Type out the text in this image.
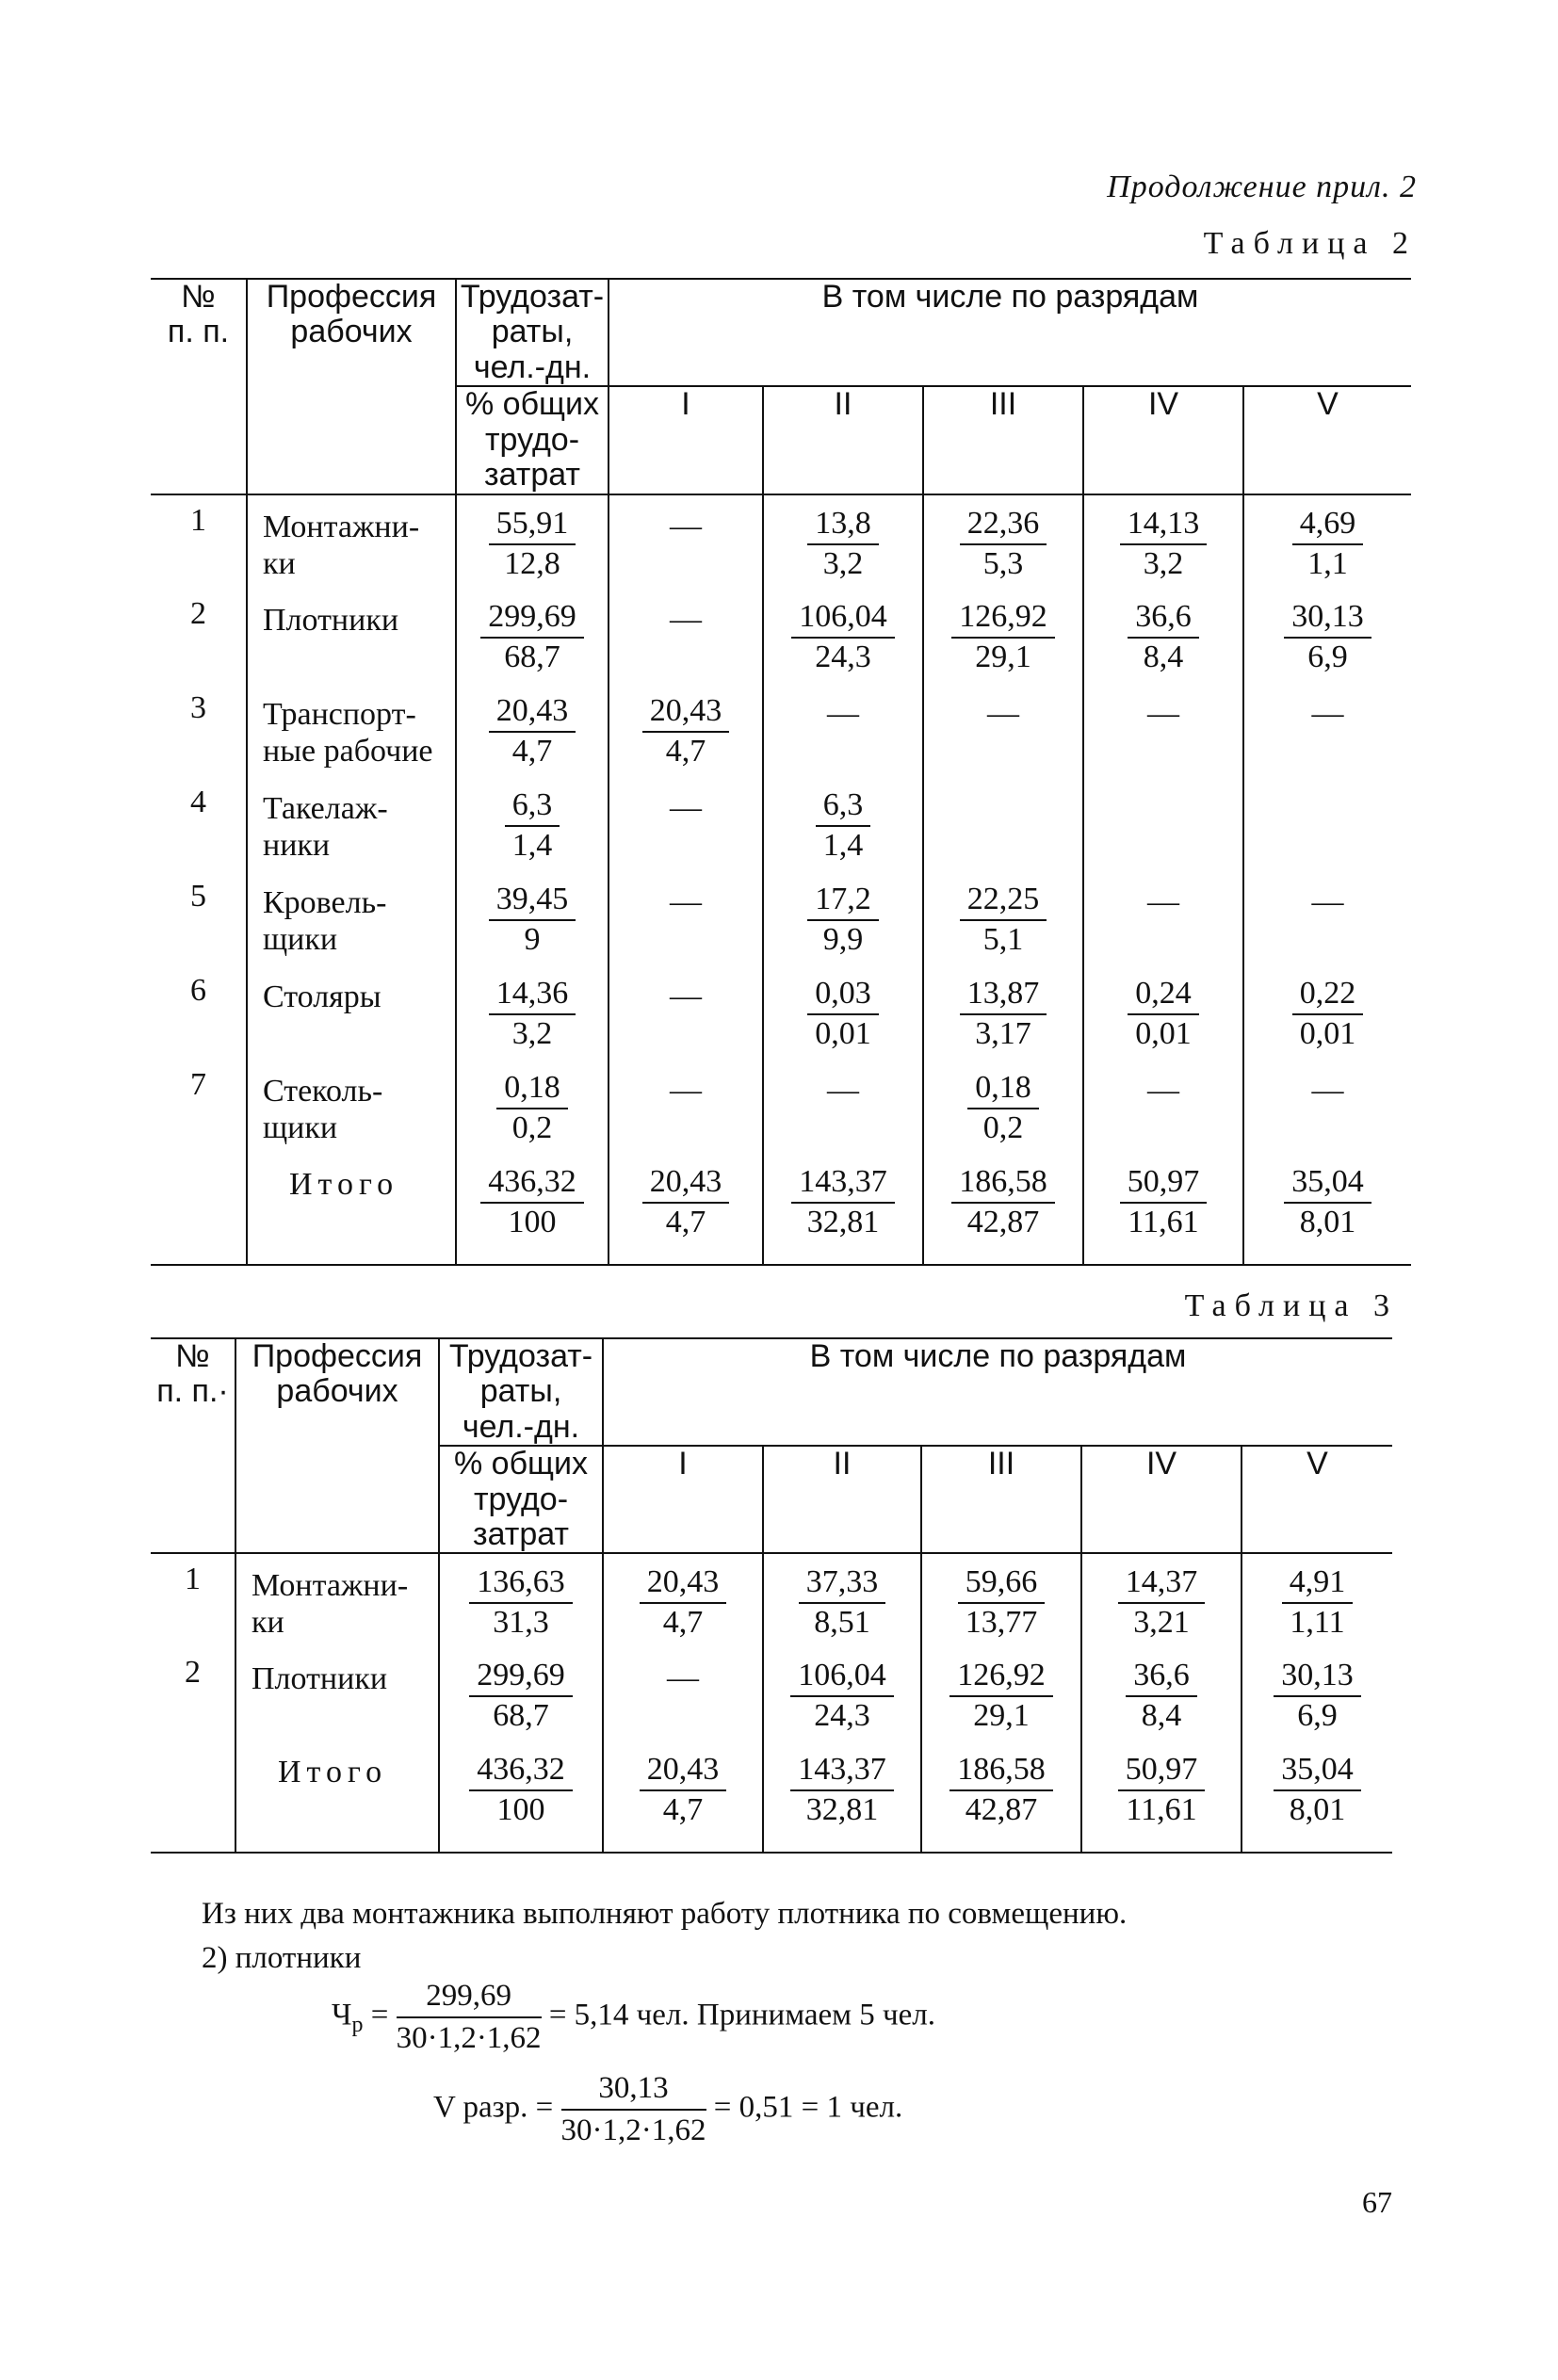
Продолжение прил. 2
Таблица 2
№
п. п.	Профессия
рабочих	Трудозат-
раты,
чел.-дн.	В том числе по разрядам				
		% общих
трудо-
затрат	I	II	III	IV	V
1	Монтажни-
ки	$\frac{55,91}{12,8}$	—	$\frac{13,8}{3,2}$	$\frac{22,36}{5,3}$	$\frac{14,13}{3,2}$	$\frac{4,69}{1,1}$

2	Плотники	$\frac{299,69}{68,7}$	—	$\frac{106,04}{24,3}$	$\frac{126,92}{29,1}$	$\frac{36,6}{8,4}$	$\frac{30,13}{6,9}$

3	Транспорт-
ные рабочие	$\frac{20,43}{4,7}$	$\frac{20,43}{4,7}$	—	—	—	—

4	Такелаж-
ники	$\frac{6,3}{1,4}$	—	$\frac{6,3}{1,4}$

5	Кровель-
щики	$\frac{39,45}{9}$	—	$\frac{17,2}{9,9}$	$\frac{22,25}{5,1}$	—	—

6	Столяры	$\frac{14,36}{3,2}$	—	$\frac{0,03}{0,01}$	$\frac{13,87}{3,17}$	$\frac{0,24}{0,01}$	$\frac{0,22}{0,01}$

7	Стеколь-
щики	$\frac{0,18}{0,2}$	—	—	$\frac{0,18}{0,2}$	—	—

	Итого	$\frac{436,32}{100}$	$\frac{20,43}{4,7}$	$\frac{143,37}{32,81}$	$\frac{186,58}{42,87}$	$\frac{50,97}{11,61}$	$\frac{35,04}{8,01}$
Таблица 3
№
п. п.·	Профессия
рабочих	Трудозат-
раты,
чел.-дн.	В том числе по разрядам				
		% общих
трудо-
затрат	I	II	III	IV	V
1	Монтажни-
ки	$\frac{136,63}{31,3}$	$\frac{20,43}{4,7}$	$\frac{37,33}{8,51}$	$\frac{59,66}{13,77}$	$\frac{14,37}{3,21}$	$\frac{4,91}{1,11}$

2	Плотники	$\frac{299,69}{68,7}$	—	$\frac{106,04}{24,3}$	$\frac{126,92}{29,1}$	$\frac{36,6}{8,4}$	$\frac{30,13}{6,9}$

	Итого	$\frac{436,32}{100}$	$\frac{20,43}{4,7}$	$\frac{143,37}{32,81}$	$\frac{186,58}{42,87}$	$\frac{50,97}{11,61}$	$\frac{35,04}{8,01}$
Из них два монтажника выполняют работу плотника по совмещению.
2) плотники
$Ч_р = \frac{299,69}{30\cdot 1,2\cdot 1,62} = 5,14$ чел. Принимаем 5 чел.
V разр. = $\frac{30,13}{30\cdot 1,2\cdot 1,62} = 0,51 = 1$ чел.
67
